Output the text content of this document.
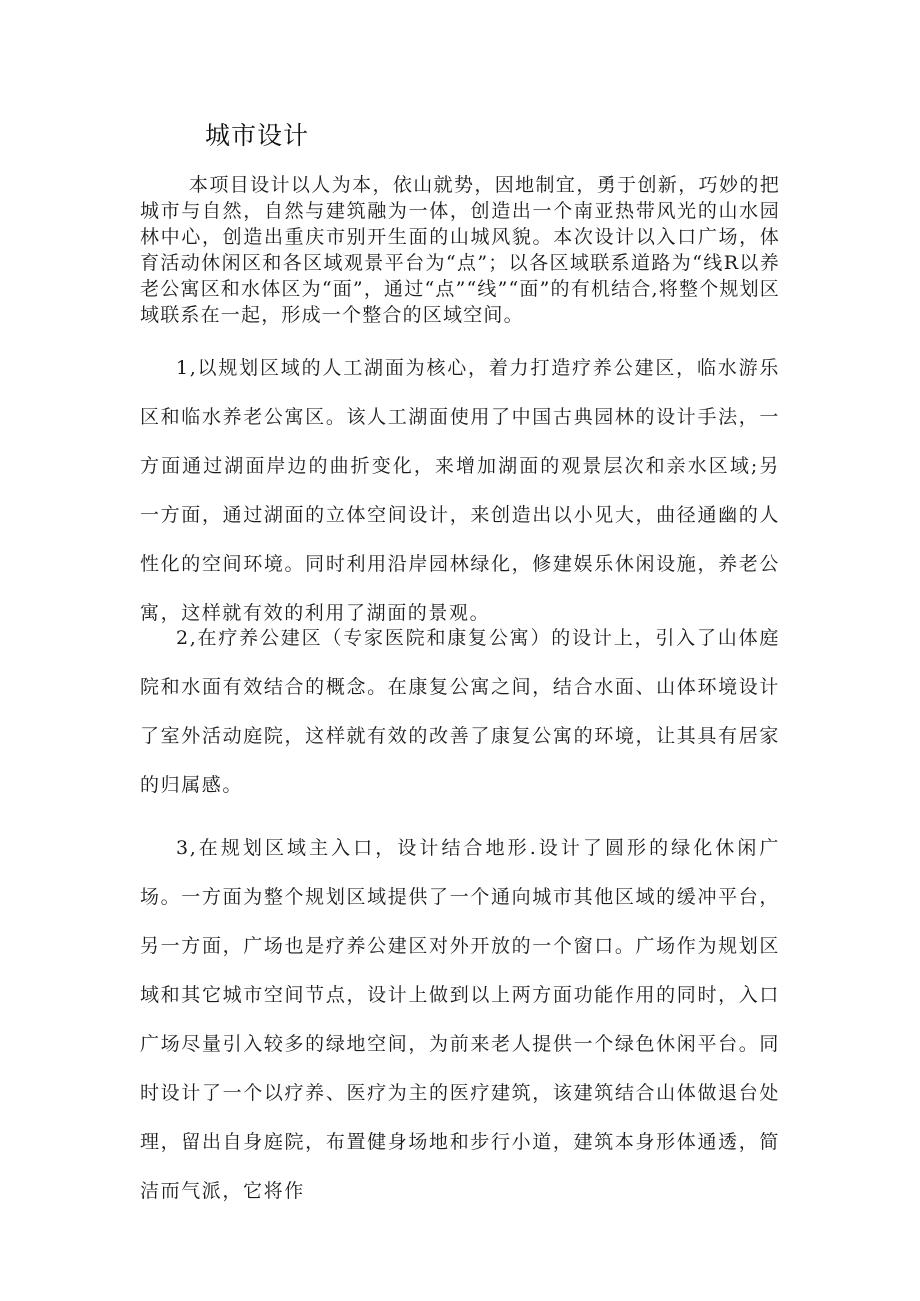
城市设计

本项目设计以人为本，依山就势，因地制宜，勇于创新，巧妙的把城市与自然，自然与建筑融为一体，创造出一个南亚热带风光的山水园林中心，创造出重庆市别开生面的山城风貌。本次设计以入口广场，体育活动休闲区和各区域观景平台为“点”；以各区域联系道路为“线R以养老公寓区和水体区为“面”，通过“点”“线”“面”的有机结合,将整个规划区域联系在一起，形成一个整合的区域空间。

1,以规划区域的人工湖面为核心，着力打造疗养公建区，临水游乐区和临水养老公寓区。该人工湖面使用了中国古典园林的设计手法，一方面通过湖面岸边的曲折变化，来增加湖面的观景层次和亲水区域;另一方面，通过湖面的立体空间设计，来创造出以小见大，曲径通幽的人性化的空间环境。同时利用沿岸园林绿化，修建娱乐休闲设施，养老公寓，这样就有效的利用了湖面的景观。

2,在疗养公建区（专家医院和康复公寓）的设计上，引入了山体庭院和水面有效结合的概念。在康复公寓之间，结合水面、山体环境设计了室外活动庭院，这样就有效的改善了康复公寓的环境，让其具有居家的归属感。

3,在规划区域主入口，设计结合地形.设计了圆形的绿化休闲广场。一方面为整个规划区域提供了一个通向城市其他区域的缓冲平台，另一方面，广场也是疗养公建区对外开放的一个窗口。广场作为规划区域和其它城市空间节点，设计上做到以上两方面功能作用的同时，入口广场尽量引入较多的绿地空间，为前来老人提供一个绿色休闲平台。同时设计了一个以疗养、医疗为主的医疗建筑，该建筑结合山体做退台处理，留出自身庭院，布置健身场地和步行小道，建筑本身形体通透，简洁而气派，它将作
